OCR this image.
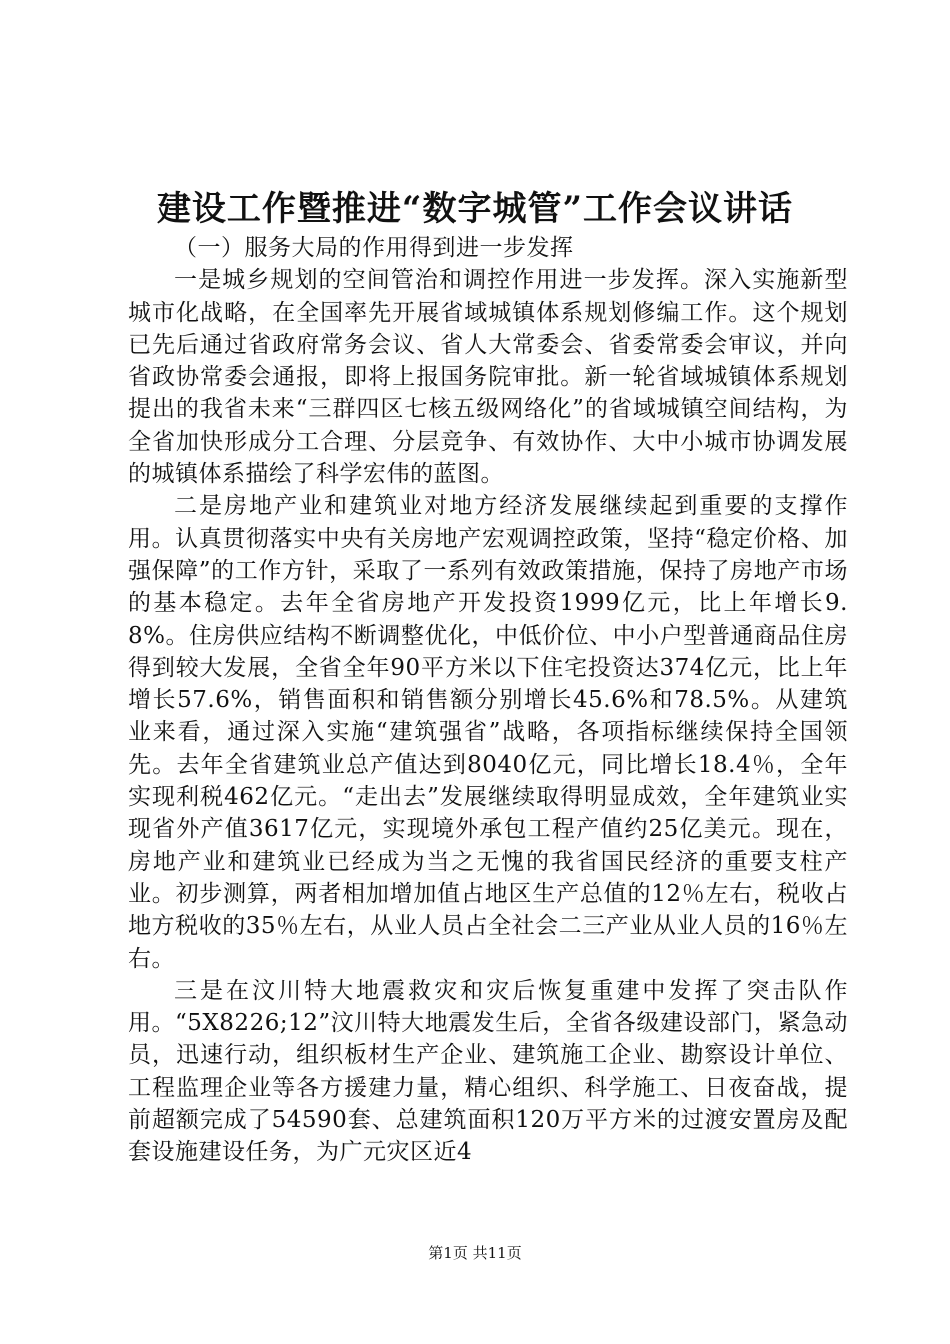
建设工作暨推进“数字城管”工作会议讲话

（一）服务大局的作用得到进一步发挥

一是城乡规划的空间管治和调控作用进一步发挥。深入实施新型城市化战略，在全国率先开展省域城镇体系规划修编工作。这个规划已先后通过省政府常务会议、省人大常委会、省委常委会审议，并向省政协常委会通报，即将上报国务院审批。新一轮省域城镇体系规划提出的我省未来“三群四区七核五级网络化”的省域城镇空间结构，为全省加快形成分工合理、分层竞争、有效协作、大中小城市协调发展的城镇体系描绘了科学宏伟的蓝图。

二是房地产业和建筑业对地方经济发展继续起到重要的支撑作用。认真贯彻落实中央有关房地产宏观调控政策，坚持“稳定价格、加强保障”的工作方针，采取了一系列有效政策措施，保持了房地产市场的基本稳定。去年全省房地产开发投资1999亿元，比上年增长9.8%。住房供应结构不断调整优化，中低价位、中小户型普通商品住房得到较大发展，全省全年90平方米以下住宅投资达374亿元，比上年增长57.6%，销售面积和销售额分别增长45.6%和78.5%。从建筑业来看，通过深入实施“建筑强省”战略，各项指标继续保持全国领先。去年全省建筑业总产值达到8040亿元，同比增长18.4％，全年实现利税462亿元。“走出去”发展继续取得明显成效，全年建筑业实现省外产值3617亿元，实现境外承包工程产值约25亿美元。现在，房地产业和建筑业已经成为当之无愧的我省国民经济的重要支柱产业。初步测算，两者相加增加值占地区生产总值的12％左右，税收占地方税收的35％左右，从业人员占全社会二三产业从业人员的16％左右。

三是在汶川特大地震救灾和灾后恢复重建中发挥了突击队作用。“5X8226;12”汶川特大地震发生后，全省各级建设部门，紧急动员，迅速行动，组织板材生产企业、建筑施工企业、勘察设计单位、工程监理企业等各方援建力量，精心组织、科学施工、日夜奋战，提前超额完成了54590套、总建筑面积120万平方米的过渡安置房及配套设施建设任务，为广元灾区近4

第1页 共11页
